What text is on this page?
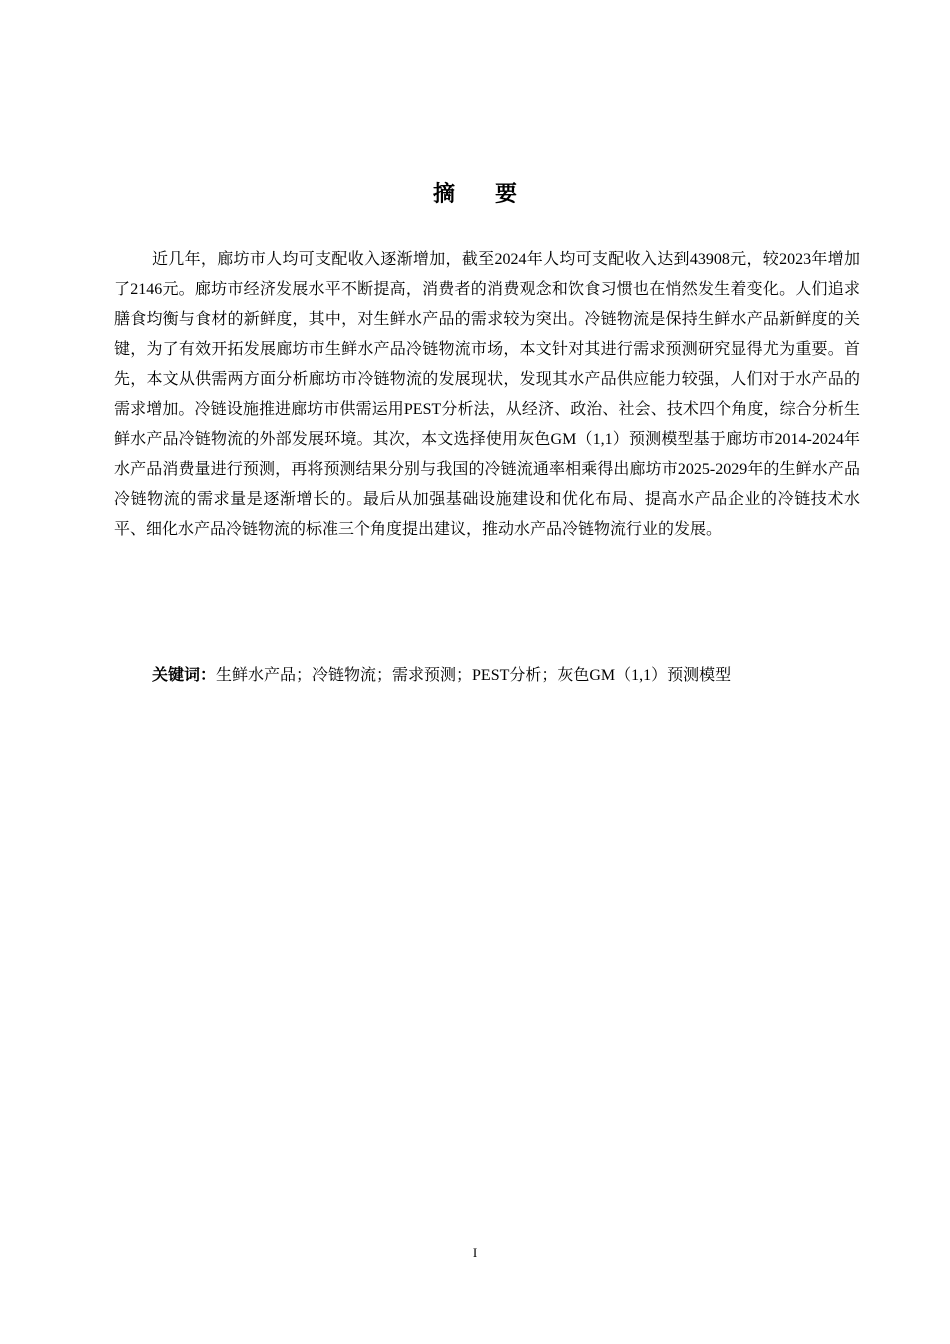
摘要

近几年，廊坊市人均可支配收入逐渐增加，截至2024年人均可支配收入达到43908元，较2023年增加了2146元。廊坊市经济发展水平不断提高，消费者的消费观念和饮食习惯也在悄然发生着变化。人们追求膳食均衡与食材的新鲜度，其中，对生鲜水产品的需求较为突出。冷链物流是保持生鲜水产品新鲜度的关键，为了有效开拓发展廊坊市生鲜水产品冷链物流市场，本文针对其进行需求预测研究显得尤为重要。首先，本文从供需两方面分析廊坊市冷链物流的发展现状，发现其水产品供应能力较强，人们对于水产品的需求增加。冷链设施推进廊坊市供需运用PEST分析法，从经济、政治、社会、技术四个角度，综合分析生鲜水产品冷链物流的外部发展环境。其次，本文选择使用灰色GM（1,1）预测模型基于廊坊市2014-2024年水产品消费量进行预测，再将预测结果分别与我国的冷链流通率相乘得出廊坊市2025-2029年的生鲜水产品冷链物流的需求量是逐渐增长的。最后从加强基础设施建设和优化布局、提高水产品企业的冷链技术水平、细化水产品冷链物流的标准三个角度提出建议，推动水产品冷链物流行业的发展。

关键词：生鲜水产品；冷链物流；需求预测；PEST分析；灰色GM（1,1）预测模型
I
